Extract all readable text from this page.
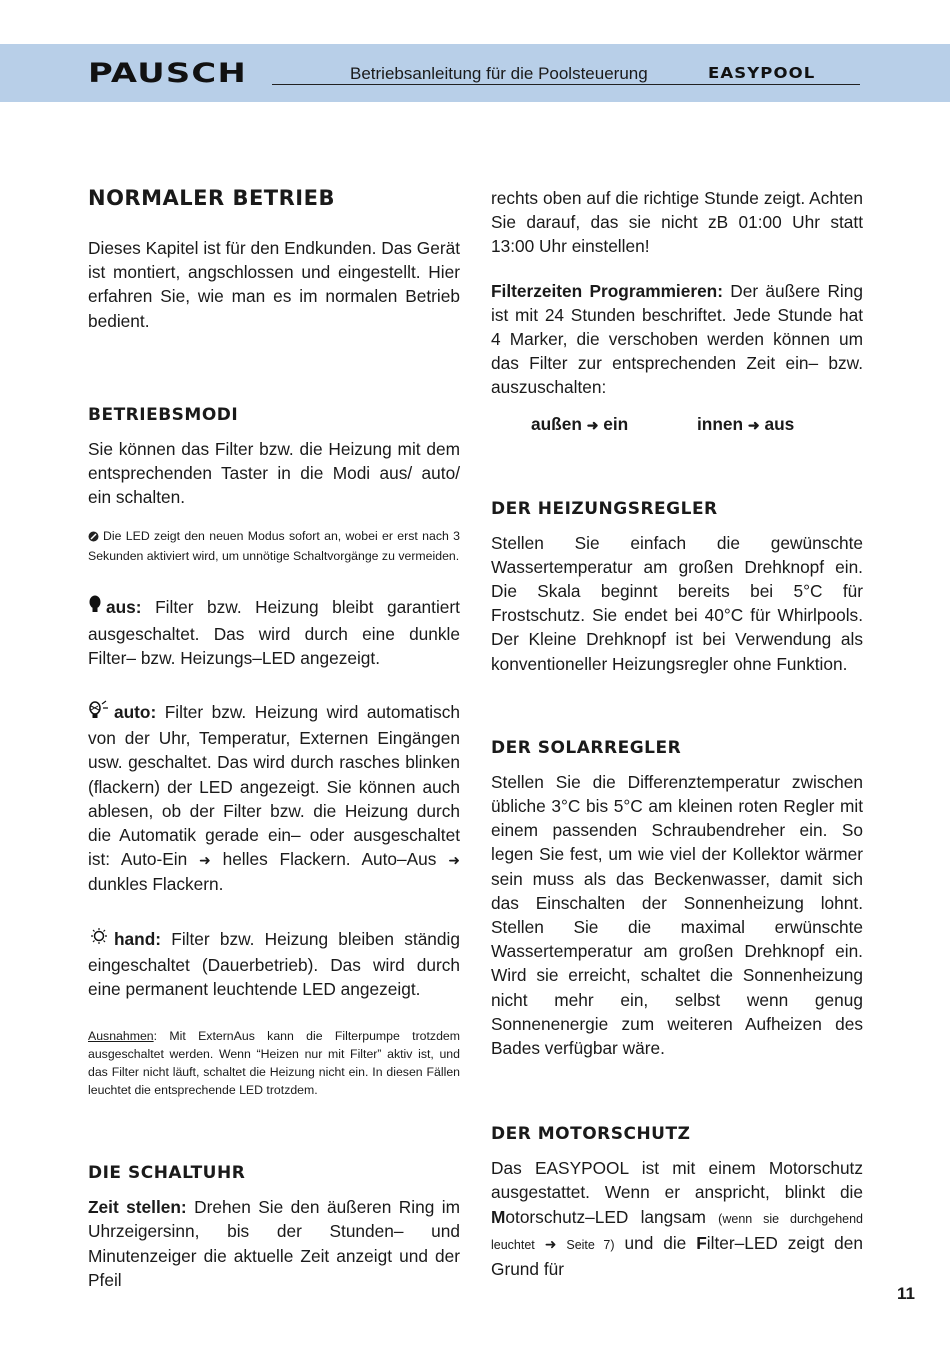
PAUSCH	Betriebsanleitung für die Poolsteuerung	EASYPOOL
NORMALER BETRIEB

Dieses Kapitel ist für den Endkunden. Das Gerät ist montiert, angschlossen und eingestellt. Hier erfahren Sie, wie man es im normalen Betrieb bedient.

BETRIEBSMODI

Sie können das Filter bzw. die Heizung mit dem entsprechenden Taster in die Modi aus/ auto/ ein schalten.

Die LED zeigt den neuen Modus sofort an, wobei er erst nach 3 Sekunden aktiviert wird, um unnötige Schaltvorgänge zu vermeiden.

aus: Filter bzw. Heizung bleibt garantiert ausgeschaltet. Das wird durch eine dunkle Filter– bzw. Heizungs–LED angezeigt.

auto: Filter bzw. Heizung wird automatisch von der Uhr, Temperatur, Externen Eingängen usw. geschaltet. Das wird durch rasches blinken (flackern) der LED angezeigt. Sie können auch ablesen, ob der Filter bzw. die Heizung durch die Automatik gerade ein– oder ausgeschaltet ist: Auto-Ein ➜ helles Flackern. Auto–Aus ➜ dunkles Flackern.

hand: Filter bzw. Heizung bleiben ständig eingeschaltet (Dauerbetrieb). Das wird durch eine permanent leuchtende LED angezeigt.

Ausnahmen: Mit ExternAus kann die Filterpumpe trotzdem ausgeschaltet werden. Wenn “Heizen nur mit Filter” aktiv ist, und das Filter nicht läuft, schaltet die Heizung nicht ein. In diesen Fällen leuchtet die entsprechende LED trotzdem.

DIE SCHALTUHR

Zeit stellen: Drehen Sie den äußeren Ring im Uhrzeigersinn, bis der Stunden– und Minutenzeiger die aktuelle Zeit anzeigt und der Pfeil

rechts oben auf die richtige Stunde zeigt. Achten Sie darauf, das sie nicht zB 01:00 Uhr statt 13:00 Uhr einstellen!

Filterzeiten Programmieren: Der äußere Ring ist mit 24 Stunden beschriftet. Jede Stunde hat 4 Marker, die verschoben werden können um das Filter zur entsprechenden Zeit ein– bzw. auszuschalten:

außen ➜ ein	innen ➜ aus
DER HEIZUNGSREGLER

Stellen Sie einfach die gewünschte Wassertemperatur am großen Drehknopf ein. Die Skala beginnt bereits bei 5°C für Frostschutz. Sie endet bei 40°C für Whirlpools. Der Kleine Drehknopf ist bei Verwendung als konventioneller Heizungsregler ohne Funktion.

DER SOLARREGLER

Stellen Sie die Differenztemperatur zwischen übliche 3°C bis 5°C am kleinen roten Regler mit einem passenden Schraubendreher ein. So legen Sie fest, um wie viel der Kollektor wärmer sein muss als das Beckenwasser, damit sich das Einschalten der Sonnenheizung lohnt. Stellen Sie die maximal erwünschte Wassertemperatur am großen Drehknopf ein. Wird sie erreicht, schaltet die Sonnenheizung nicht mehr ein, selbst wenn genug Sonnenenergie zum weiteren Aufheizen des Bades verfügbar wäre.

DER MOTORSCHUTZ

Das EASYPOOL ist mit einem Motorschutz ausgestattet. Wenn er anspricht, blinkt die Motorschutz–LED langsam (wenn sie durchgehend leuchtet ➜ Seite 7) und die Filter–LED zeigt den Grund für

11
